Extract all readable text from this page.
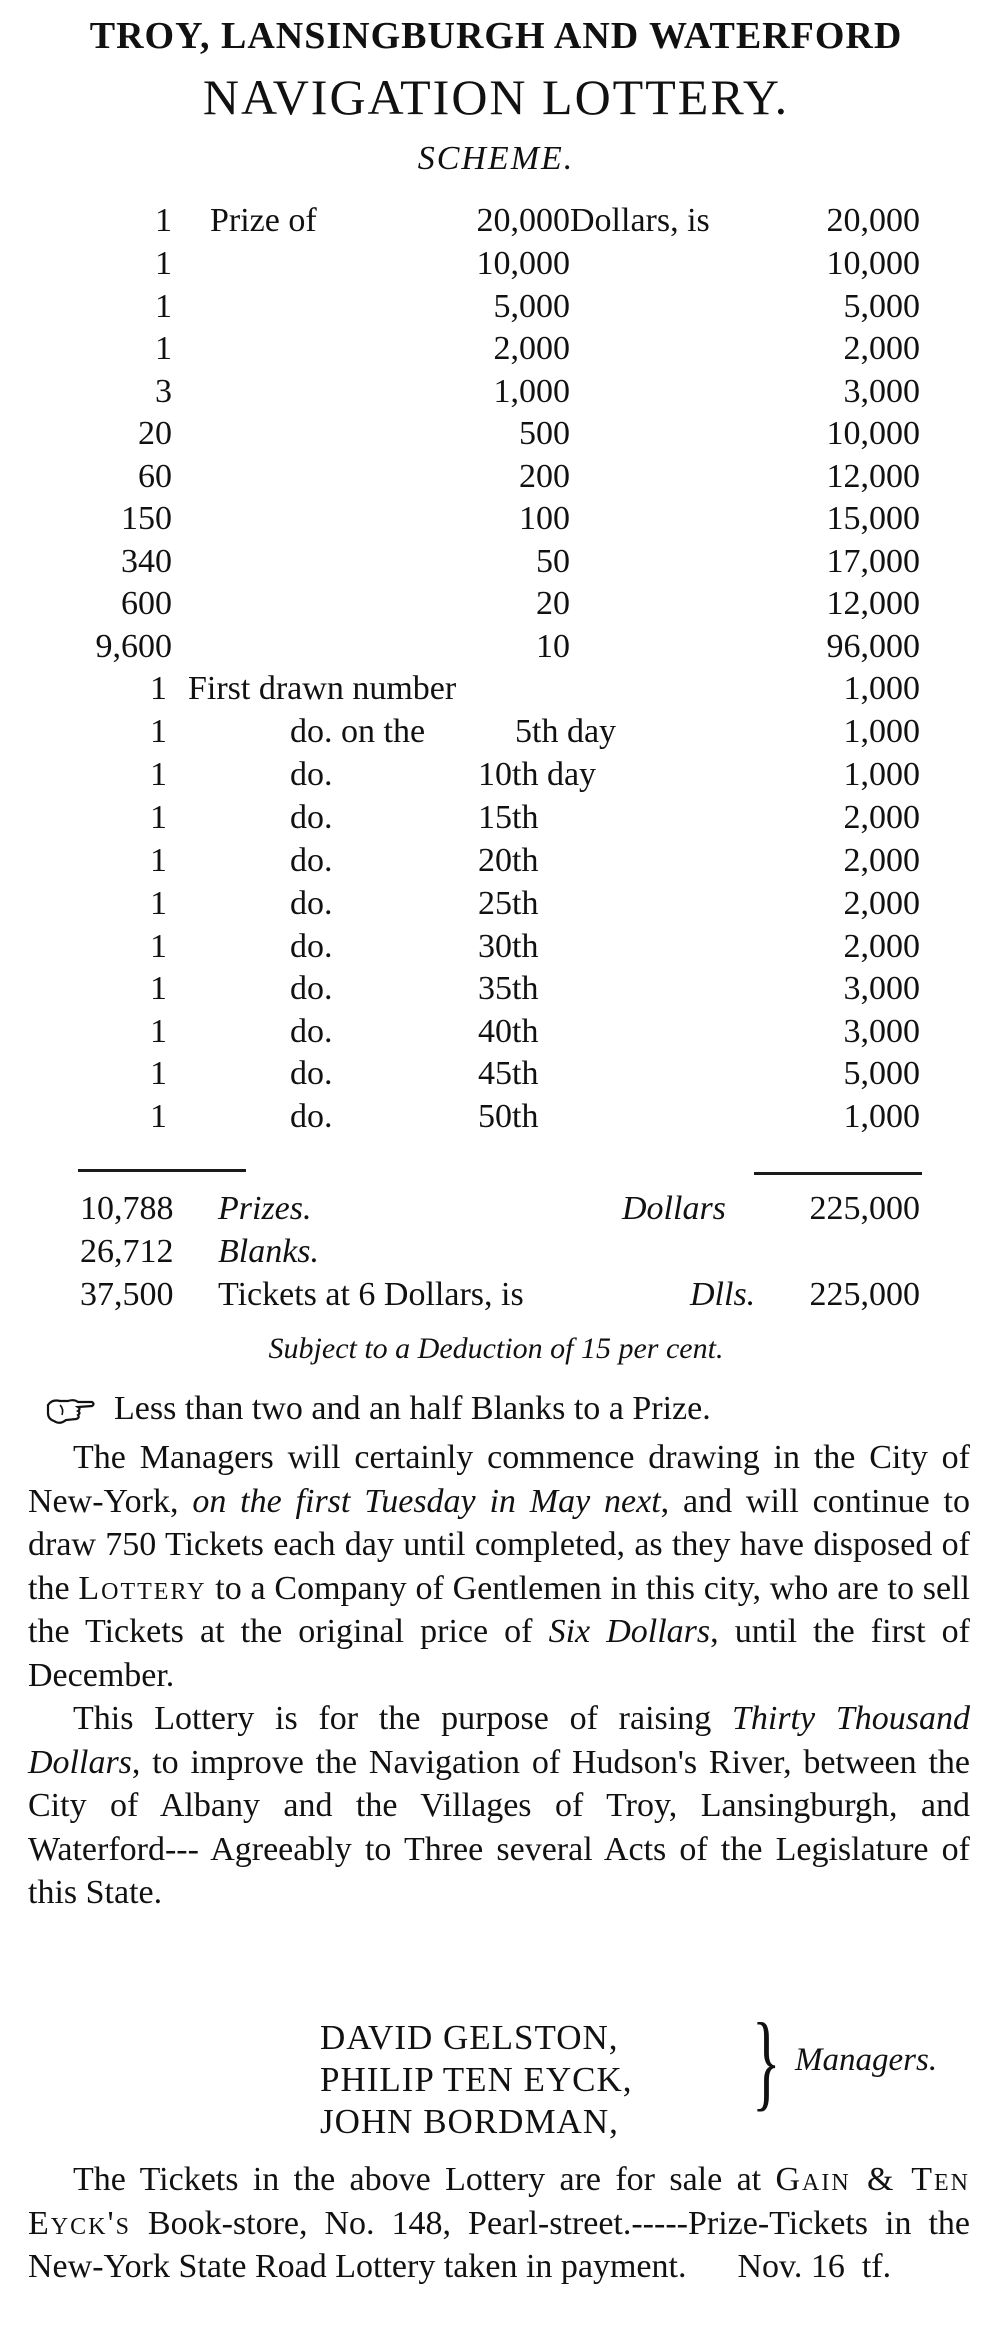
TROY, LANSINGBURGH AND WATERFORD
NAVIGATION LOTTERY.
SCHEME.
1 Prize of	20,000 Dollars, is	20,000
1	10,000	10,000
1	5,000	5,000
1	2,000	2,000
3	1,000	3,000
20	500	10,000
60	200	12,000
150	100	15,000
340	50	17,000
600	20	12,000
9,600	10	96,000
1 First drawn number	1,000
1	do. on the	5th day	1,000
1	do.	10th day	1,000
1	do.	15th	2,000
1	do.	20th	2,000
1	do.	25th	2,000
1	do.	30th	2,000
1	do.	35th	3,000
1	do.	40th	3,000
1	do.	45th	5,000
1	do.	50th	1,000
10,788 Prizes.	Dollars 225,000
26,712 Blanks.
37,500 Tickets at 6 Dollars, is	Dlls. 225,000
Subject to a Deduction of 15 per cent.
Less than two and an half Blanks to a Prize.

The Managers will certainly commence drawing in the City of New-York, on the first Tuesday in May next, and will continue to draw 750 Tickets each day until completed, as they have disposed of the Lottery to a Company of Gentlemen in this city, who are to sell the Tickets at the original price of Six Dollars, until the first of December.

This Lottery is for the purpose of raising Thirty Thousand Dollars, to improve the Navigation of Hudson's River, between the City of Albany and the Villages of Troy, Lansingburgh, and Waterford--- Agreeably to Three several Acts of the Legislature of this State.

DAVID GELSTON,
PHILIP TEN EYCK,
JOHN BORDMAN,
} Managers.

The Tickets in the above Lottery are for sale at Gain & Ten Eyck's Book-store, No. 148, Pearl-street.-----Prize-Tickets in the New-York State Road Lottery taken in payment. Nov. 16 tf.
